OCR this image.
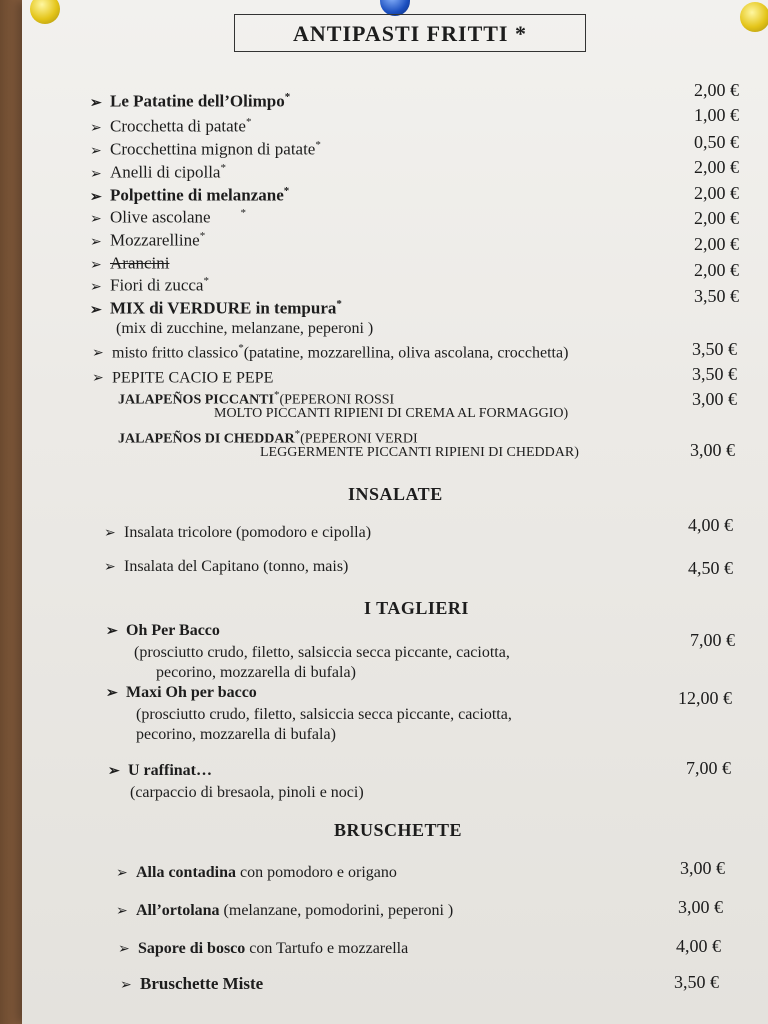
ANTIPASTI FRITTI *
➢ Le Patatine dell’Olimpo*	2,00 €
➢ Crocchetta di patate*	1,00 €
➢ Crocchettina mignon di patate*	0,50 €
➢ Anelli di cipolla*	2,00 €
➢ Polpettine di melanzane*	2,00 €
➢ Olive ascolane	*	2,00 €
➢ Mozzarelline*	2,00 €
➢ Arancini	2,00 €
➢ Fiori di zucca*
➢ MIX di VERDURE in tempura*	3,50 €
(mix di zucchine, melanzane, peperoni )
➢ misto fritto classico*(patatine, mozzarellina, oliva ascolana, crocchetta)	3,50 €
➢ PEPITE CACIO E PEPE	3,50 €
JALAPEÑOS PICCANTI*(PEPERONI ROSSI
MOLTO PICCANTI RIPIENI DI CREMA AL FORMAGGIO)
3,00 €
JALAPEÑOS DI CHEDDAR*(PEPERONI VERDI
LEGGERMENTE PICCANTI RIPIENI DI CHEDDAR)	3,00 €
INSALATE
➢ Insalata tricolore (pomodoro e cipolla)	4,00 €
➢ Insalata del Capitano (tonno, mais)	4,50 €
I TAGLIERI
➢ Oh Per Bacco
(prosciutto crudo, filetto, salsiccia secca piccante, caciotta,
pecorino, mozzarella di bufala)
7,00 €
➢ Maxi Oh per bacco
(prosciutto crudo, filetto, salsiccia secca piccante, caciotta,
pecorino, mozzarella di bufala)
12,00 €
➢ U raffinat…
(carpaccio di bresaola, pinoli e noci)
7,00 €
BRUSCHETTE
➢ Alla contadina con pomodoro e origano	3,00 €
➢ All’ortolana (melanzane, pomodorini, peperoni )	3,00 €
➢ Sapore di bosco con Tartufo e mozzarella	4,00 €
➢ Bruschette Miste	3,50 €
